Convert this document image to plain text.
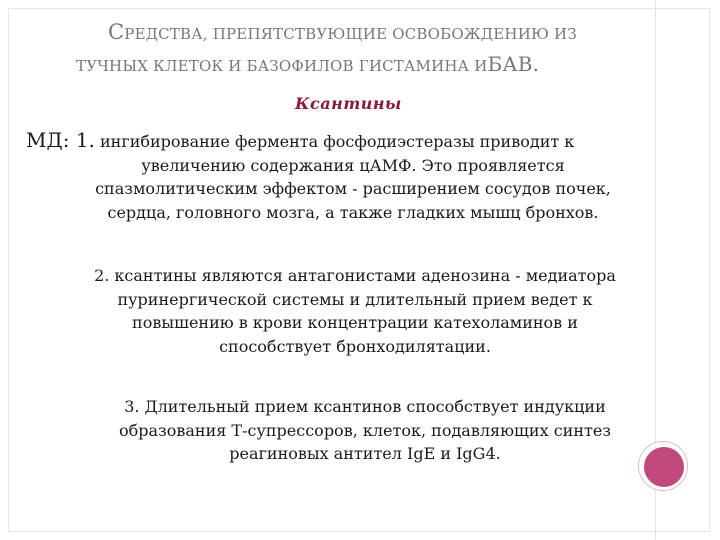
СРЕДСТВА, ПРЕПЯТСТВУЮЩИЕ ОСВОБОЖДЕНИЮ ИЗ
ТУЧНЫХ КЛЕТОК И БАЗОФИЛОВ ГИСТАМИНА ИБАВ.
Ксантины
МД: 1. ингибирование фермента фосфодиэстеразы приводит к
увеличению содержания цАМФ. Это проявляется
спазмолитическим эффектом - расширением сосудов почек,
сердца, головного мозга, а также гладких мышц бронхов.
2. ксантины являются антагонистами аденозина - медиатора
пуринергической системы и длительный прием ведет к
повышению в крови концентрации катехоламинов и
способствует бронходилятации.
3. Длительный прием ксантинов способствует индукции
образования Т-супрессоров, клеток, подавляющих синтез
реагиновых антител IgE и IgG4.
